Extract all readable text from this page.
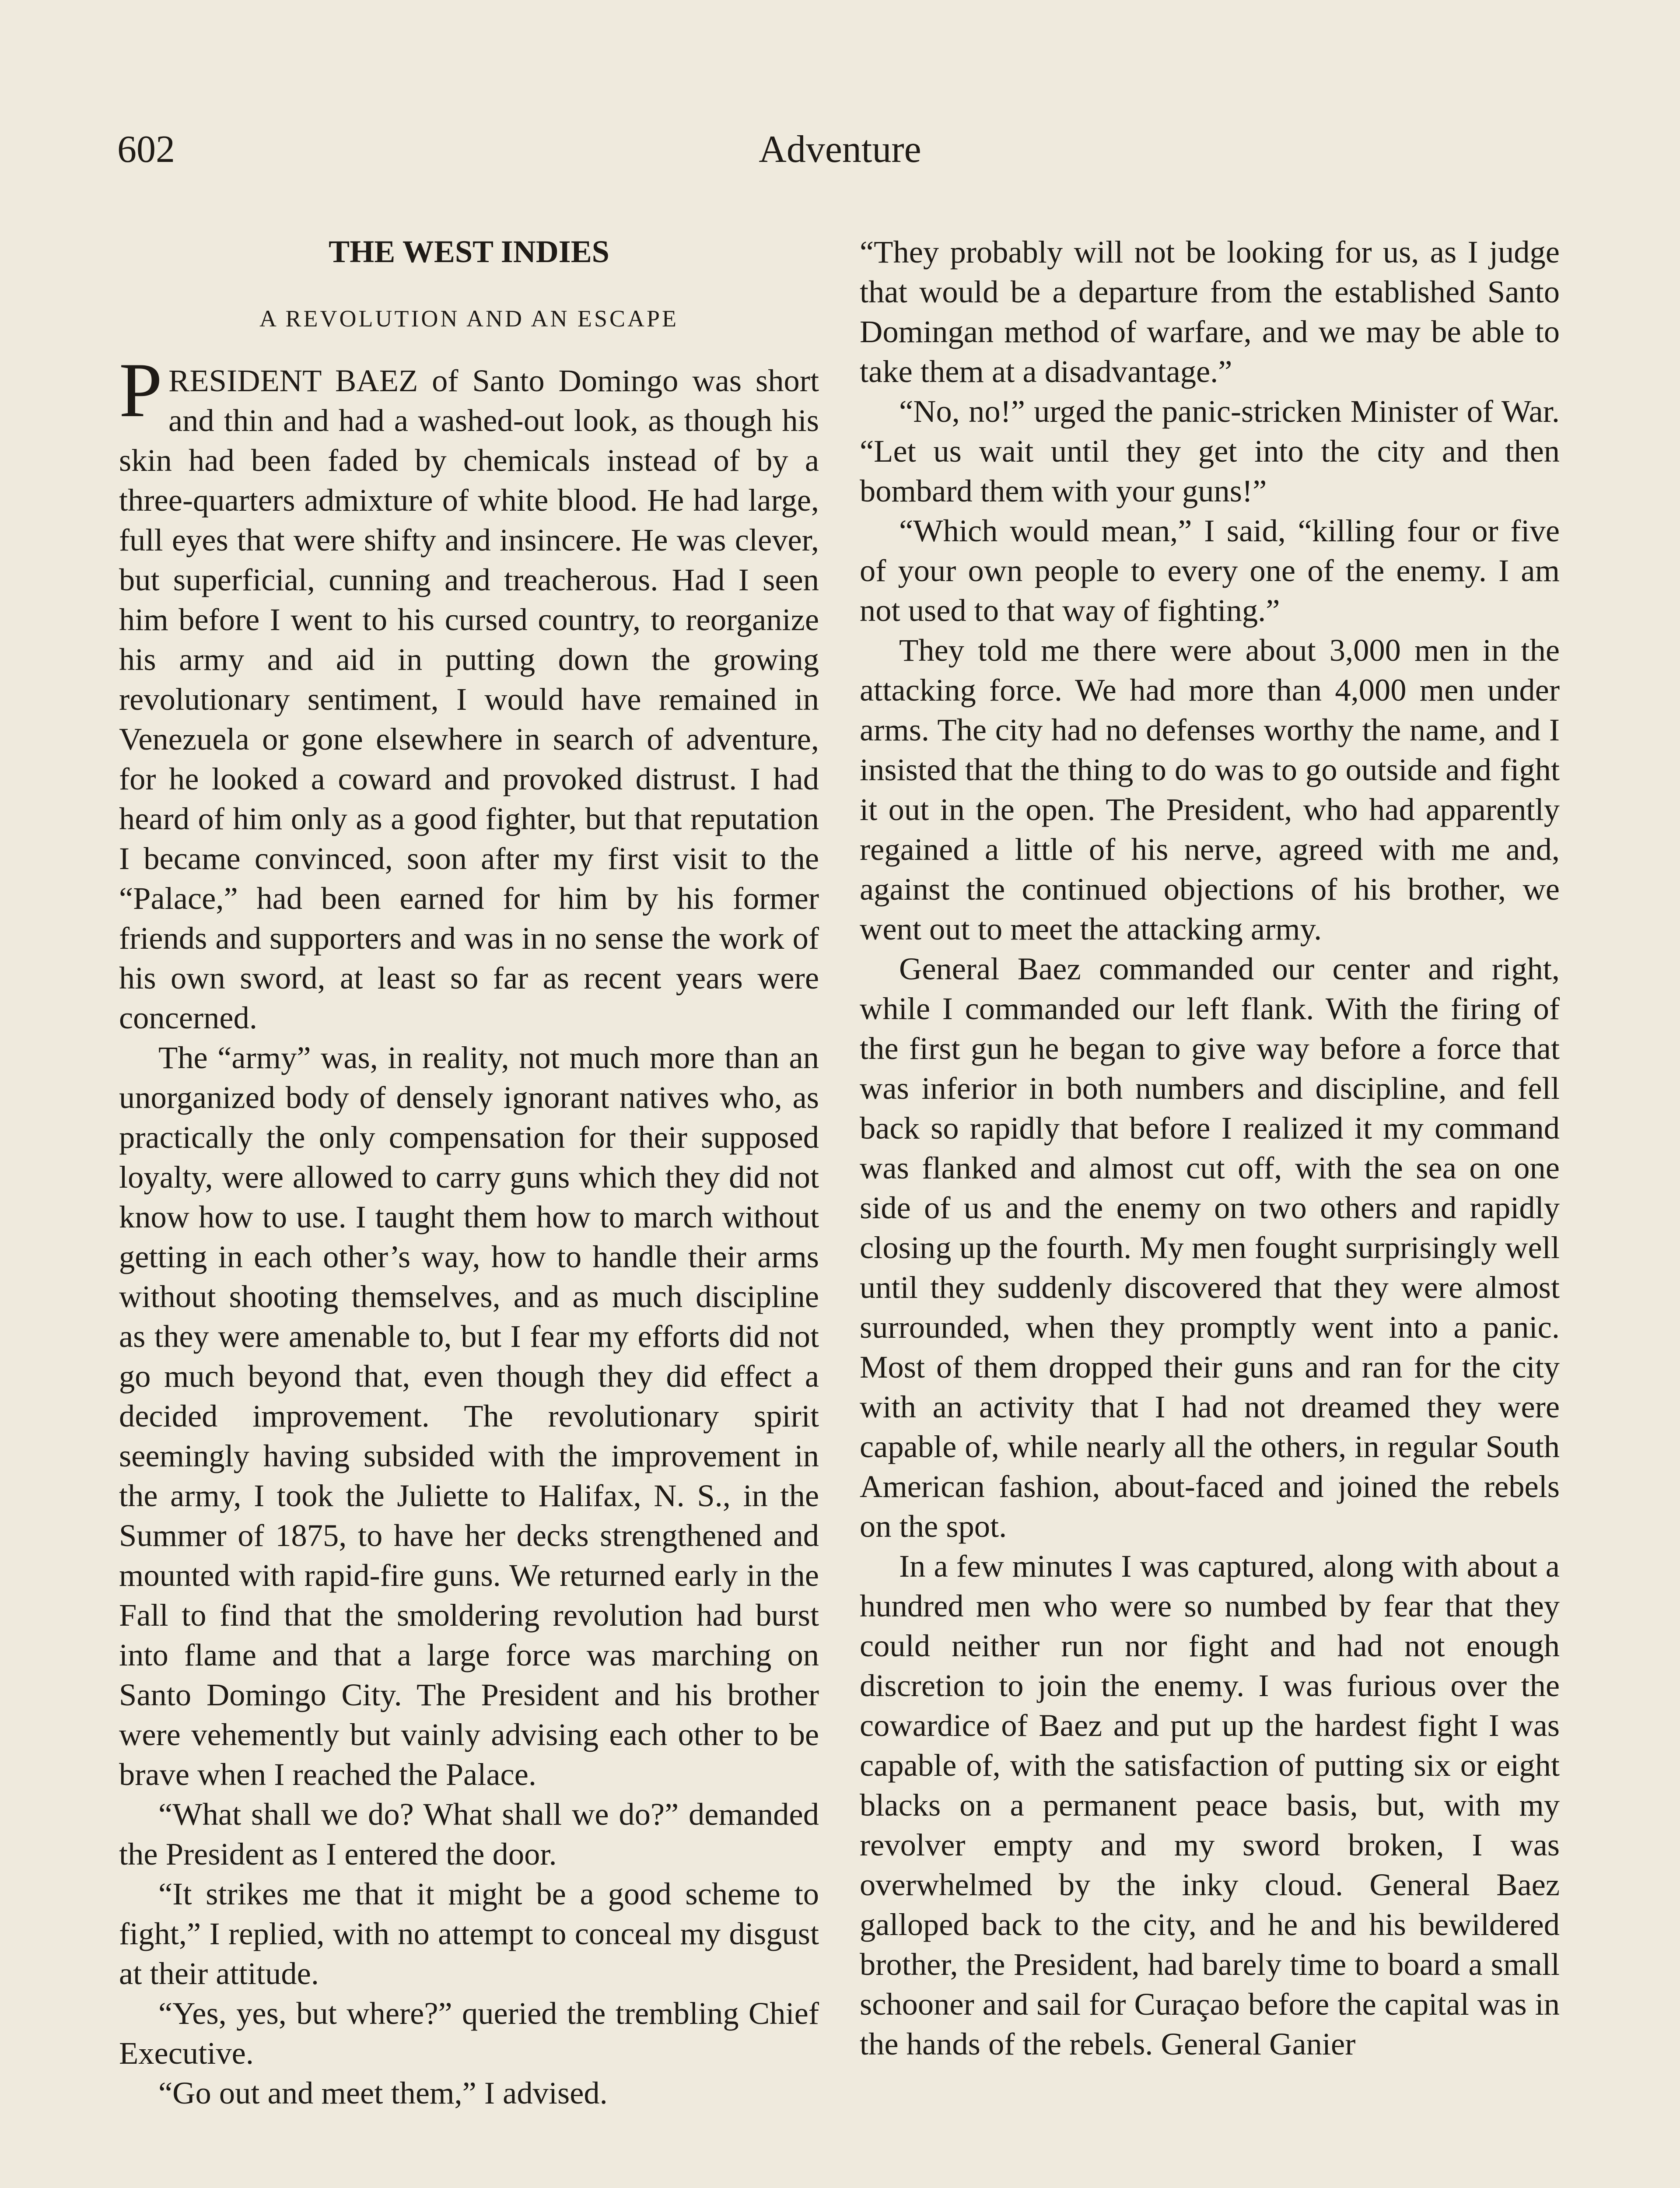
602	Adventure
THE WEST INDIES
A REVOLUTION AND AN ESCAPE

PRESIDENT BAEZ of Santo Domingo was short and thin and had a washed-out look, as though his skin had been faded by chemicals instead of by a three-quarters admixture of white blood. He had large, full eyes that were shifty and insincere. He was clever, but superficial, cunning and treacherous. Had I seen him before I went to his cursed country, to reorganize his army and aid in putting down the growing revolutionary sentiment, I would have remained in Venezuela or gone elsewhere in search of adventure, for he looked a coward and provoked distrust. I had heard of him only as a good fighter, but that reputation I became convinced, soon after my first visit to the “Palace,” had been earned for him by his former friends and supporters and was in no sense the work of his own sword, at least so far as recent years were concerned.

The “army” was, in reality, not much more than an unorganized body of densely ignorant natives who, as practically the only compensation for their supposed loyalty, were allowed to carry guns which they did not know how to use. I taught them how to march without getting in each other’s way, how to handle their arms without shooting themselves, and as much discipline as they were amenable to, but I fear my efforts did not go much beyond that, even though they did effect a decided improvement. The revolutionary spirit seemingly having subsided with the improvement in the army, I took the Juliette to Halifax, N. S., in the Summer of 1875, to have her decks strengthened and mounted with rapid-fire guns. We returned early in the Fall to find that the smoldering revolution had burst into flame and that a large force was marching on Santo Domingo City. The President and his brother were vehemently but vainly advising each other to be brave when I reached the Palace.

“What shall we do? What shall we do?” demanded the President as I entered the door.

“It strikes me that it might be a good scheme to fight,” I replied, with no attempt to conceal my disgust at their attitude.

“Yes, yes, but where?” queried the trembling Chief Executive.

“Go out and meet them,” I advised.

“They probably will not be looking for us, as I judge that would be a departure from the established Santo Domingan method of warfare, and we may be able to take them at a disadvantage.”

“No, no!” urged the panic-stricken Minister of War. “Let us wait until they get into the city and then bombard them with your guns!”

“Which would mean,” I said, “killing four or five of your own people to every one of the enemy. I am not used to that way of fighting.”

They told me there were about 3,000 men in the attacking force. We had more than 4,000 men under arms. The city had no defenses worthy the name, and I insisted that the thing to do was to go outside and fight it out in the open. The President, who had apparently regained a little of his nerve, agreed with me and, against the continued objections of his brother, we went out to meet the attacking army.

General Baez commanded our center and right, while I commanded our left flank. With the firing of the first gun he began to give way before a force that was inferior in both numbers and discipline, and fell back so rapidly that before I realized it my command was flanked and almost cut off, with the sea on one side of us and the enemy on two others and rapidly closing up the fourth. My men fought surprisingly well until they suddenly discovered that they were almost surrounded, when they promptly went into a panic. Most of them dropped their guns and ran for the city with an activity that I had not dreamed they were capable of, while nearly all the others, in regular South American fashion, about-faced and joined the rebels on the spot.

In a few minutes I was captured, along with about a hundred men who were so numbed by fear that they could neither run nor fight and had not enough discretion to join the enemy. I was furious over the cowardice of Baez and put up the hardest fight I was capable of, with the satisfaction of putting six or eight blacks on a permanent peace basis, but, with my revolver empty and my sword broken, I was overwhelmed by the inky cloud. General Baez galloped back to the city, and he and his bewildered brother, the President, had barely time to board a small schooner and sail for Curaçao before the capital was in the hands of the rebels. General Ganier
